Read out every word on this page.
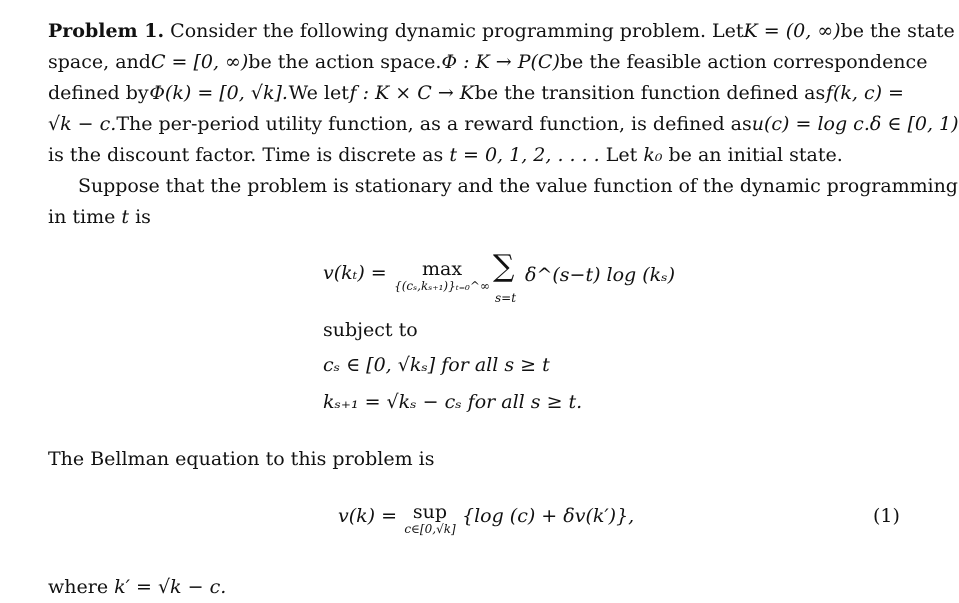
Problem 1. Consider the following dynamic programming problem. Let K = (0, ∞) be the state
space, and C = [0, ∞) be the action space. Φ : K → P(C) be the feasible action correspondence
defined by Φ(k) = [0, √k]. We let f : K × C → K be the transition function defined as f(k, c) =
√k − c. The per-period utility function, as a reward function, is defined as u(c) = log c. δ ∈ [0, 1)
is the discount factor. Time is discrete as t = 0, 1, 2, . . . . Let k₀ be an initial state.
Suppose that the problem is stationary and the value function of the dynamic programming
in time t is
v(kₜ) =	max
{(cₛ,kₛ₊₁)}ₜ₌₀^∞
∑
s=t
δ^(s−t) log (kₛ)
subject to
cₛ ∈ [0, √kₛ] for all s ≥ t
kₛ₊₁ = √kₛ − cₛ for all s ≥ t.
The Bellman equation to this problem is
v(k) = sup
c∈[0,√k]
{log (c) + δv(k′)},	(1)
where k′ = √k − c.
